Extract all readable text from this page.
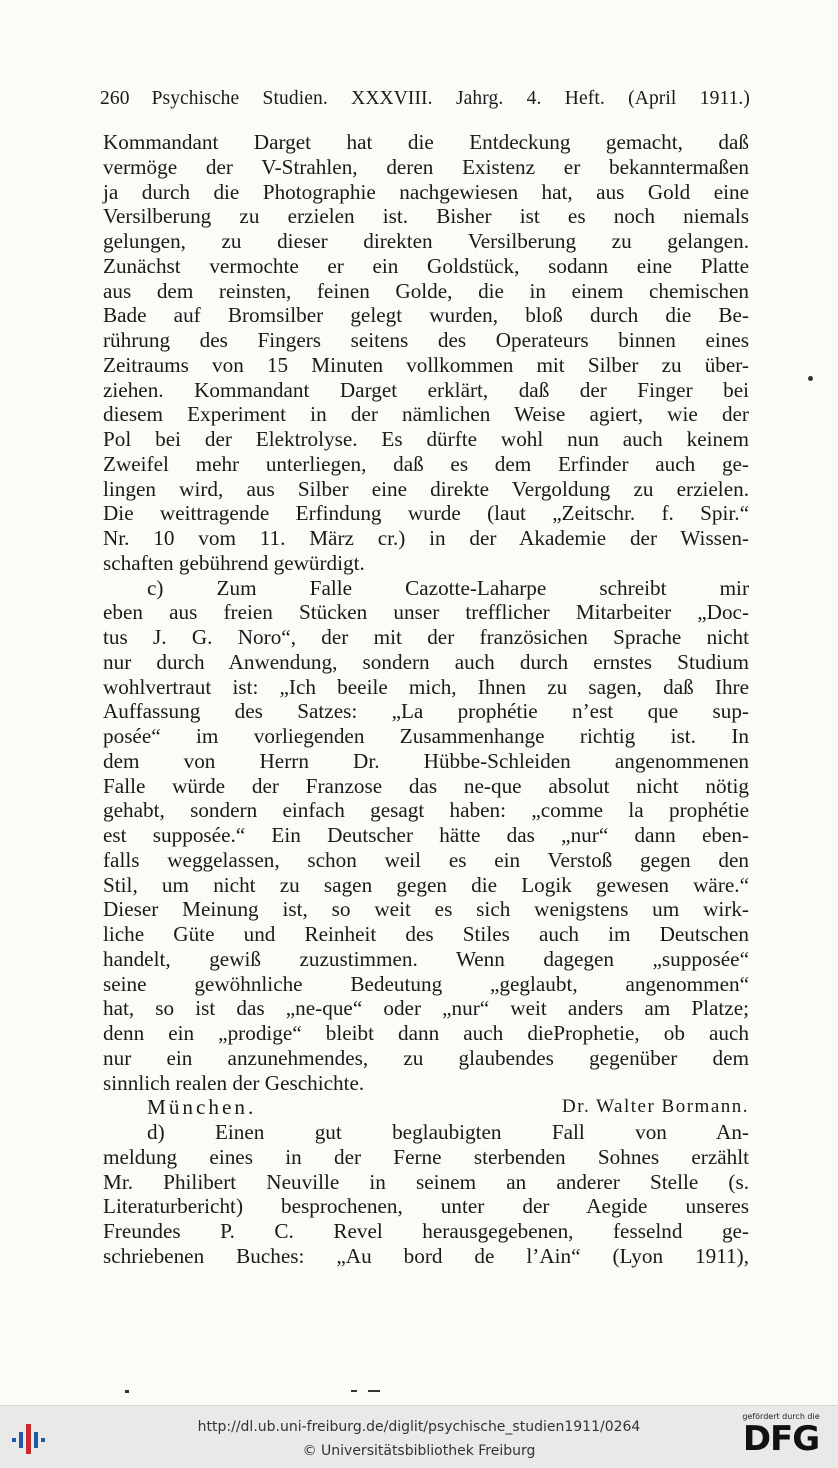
260 Psychische Studien. XXXVIII. Jahrg. 4. Heft. (April 1911.)
Kommandant Darget hat die Entdeckung gemacht, daß
vermöge der V-Strahlen, deren Existenz er bekanntermaßen
ja durch die Photographie nachgewiesen hat, aus Gold eine
Versilberung zu erzielen ist. Bisher ist es noch niemals
gelungen, zu dieser direkten Versilberung zu gelangen.
Zunächst vermochte er ein Goldstück, sodann eine Platte
aus dem reinsten, feinen Golde, die in einem chemischen
Bade auf Bromsilber gelegt wurden, bloß durch die Be-
rührung des Fingers seitens des Operateurs binnen eines
Zeitraums von 15 Minuten vollkommen mit Silber zu über-
ziehen. Kommandant Darget erklärt, daß der Finger bei
diesem Experiment in der nämlichen Weise agiert, wie der
Pol bei der Elektrolyse. Es dürfte wohl nun auch keinem
Zweifel mehr unterliegen, daß es dem Erfinder auch ge-
lingen wird, aus Silber eine direkte Vergoldung zu erzielen.
Die weittragende Erfindung wurde (laut „Zeitschr. f. Spir.“
Nr. 10 vom 11. März cr.) in der Akademie der Wissen-
schaften gebührend gewürdigt.
c) Zum Falle Cazotte-Laharpe schreibt mir
eben aus freien Stücken unser trefflicher Mitarbeiter „Doc-
tus J. G. Noro“, der mit der französichen Sprache nicht
nur durch Anwendung, sondern auch durch ernstes Studium
wohlvertraut ist: „Ich beeile mich, Ihnen zu sagen, daß Ihre
Auffassung des Satzes: „La prophétie n’est que sup-
posée“ im vorliegenden Zusammenhange richtig ist. In
dem von Herrn Dr. Hübbe-Schleiden angenommenen
Falle würde der Franzose das ne-que absolut nicht nötig
gehabt, sondern einfach gesagt haben: „comme la prophétie
est supposée.“ Ein Deutscher hätte das „nur“ dann eben-
falls weggelassen, schon weil es ein Verstoß gegen den
Stil, um nicht zu sagen gegen die Logik gewesen wäre.“
Dieser Meinung ist, so weit es sich wenigstens um wirk-
liche Güte und Reinheit des Stiles auch im Deutschen
handelt, gewiß zuzustimmen. Wenn dagegen „supposée“
seine gewöhnliche Bedeutung „geglaubt, angenommen“
hat, so ist das „ne-que“ oder „nur“ weit anders am Platze;
denn ein „prodige“ bleibt dann auch dieProphetie, ob auch
nur ein anzunehmendes, zu glaubendes gegenüber dem
sinnlich realen der Geschichte.
München.	Dr. Walter Bormann.
d) Einen gut beglaubigten Fall von An-
meldung eines in der Ferne sterbenden Sohnes erzählt
Mr. Philibert Neuville in seinem an anderer Stelle (s.
Literaturbericht) besprochenen, unter der Aegide unseres
Freundes P. C. Revel herausgegebenen, fesselnd ge-
schriebenen Buches: „Au bord de l’Ain“ (Lyon 1911),
http://dl.ub.uni-freiburg.de/diglit/psychische_studien1911/0264
© Universitätsbibliothek Freiburg
gefördert durch die
DFG
